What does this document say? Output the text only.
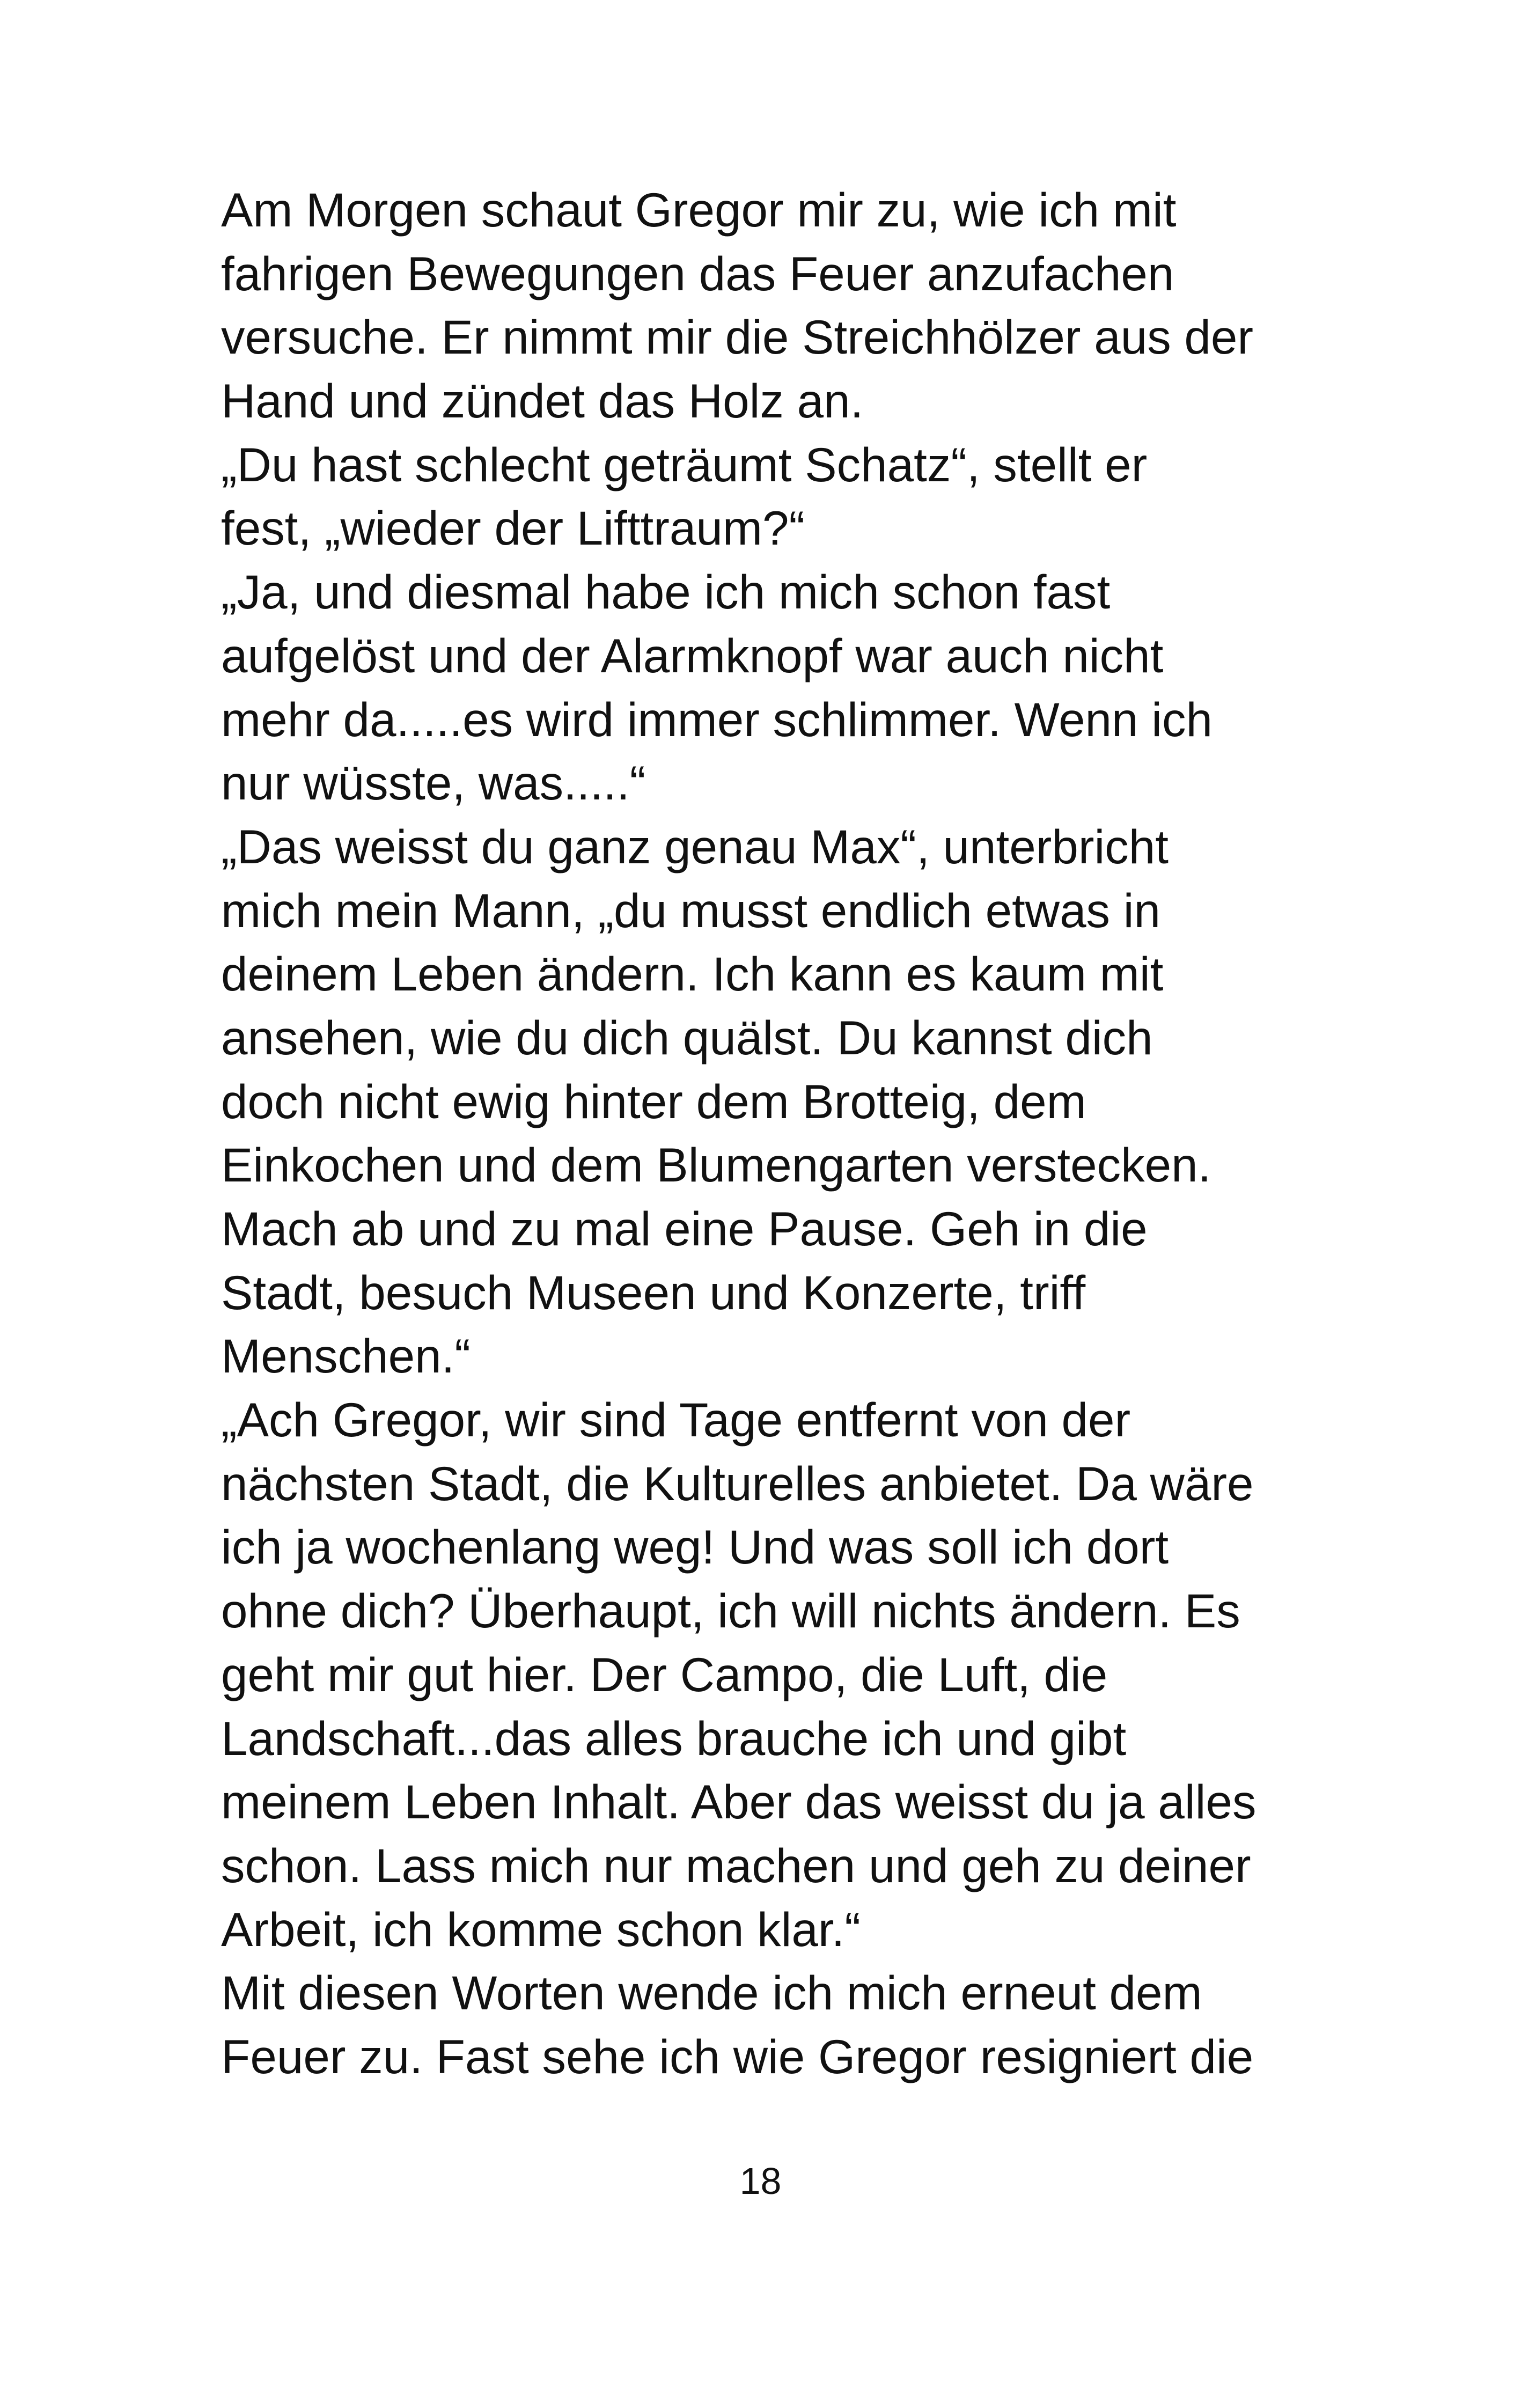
Am Morgen schaut Gregor mir zu, wie ich mit
fahrigen Bewegungen das Feuer anzufachen
versuche. Er nimmt mir die Streichhölzer aus der
Hand und zündet das Holz an.
„Du hast schlecht geträumt Schatz“, stellt er
fest, „wieder der Lifttraum?“
„Ja, und diesmal habe ich mich schon fast
aufgelöst und der Alarmknopf war auch nicht
mehr da.....es wird immer schlimmer. Wenn ich
nur wüsste, was.....“
„Das weisst du ganz genau Max“, unterbricht
mich mein Mann, „du musst endlich etwas in
deinem Leben ändern. Ich kann es kaum mit
ansehen, wie du dich quälst. Du kannst dich
doch nicht ewig hinter dem Brotteig, dem
Einkochen und dem Blumengarten verstecken.
Mach ab und zu mal eine Pause. Geh in die
Stadt, besuch Museen und Konzerte, triff
Menschen.“
„Ach Gregor, wir sind Tage entfernt von der
nächsten Stadt, die Kulturelles anbietet. Da wäre
ich ja wochenlang weg! Und was soll ich dort
ohne dich? Überhaupt, ich will nichts ändern. Es
geht mir gut hier. Der Campo, die Luft, die
Landschaft...das alles brauche ich und gibt
meinem Leben Inhalt. Aber das weisst du ja alles
schon. Lass mich nur machen und geh zu deiner
Arbeit, ich komme schon klar.“
Mit diesen Worten wende ich mich erneut dem
Feuer zu. Fast sehe ich wie Gregor resigniert die
18
